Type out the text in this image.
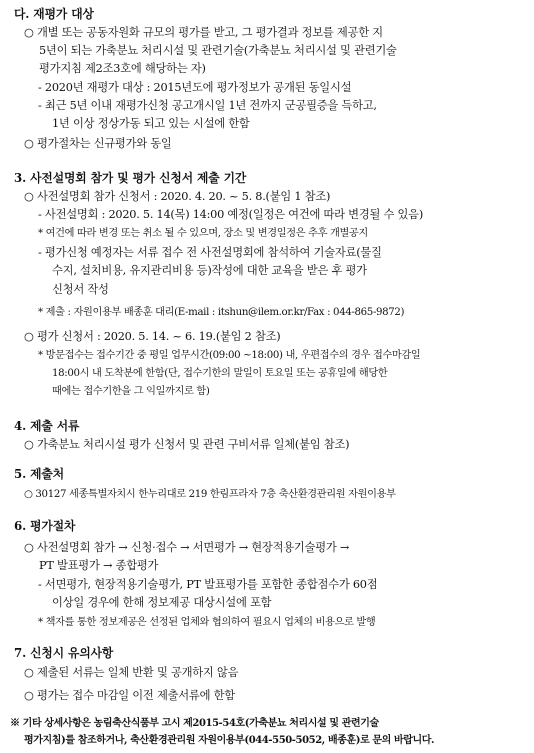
다. 재평가 대상
○ 개별 또는 공동자원화 규모의 평가를 받고, 그 평가결과 정보를 제공한 지
5년이 되는 가축분뇨 처리시설 및 관련기술(가축분뇨 처리시설 및 관련기술
평가지침 제2조3호에 해당하는 자)
- 2020년 재평가 대상 : 2015년도에 평가정보가 공개된 동일시설
- 최근 5년 이내 재평가신청 공고개시일 1년 전까지 군공필증을 득하고,
1년 이상 정상가동 되고 있는 시설에 한함
○ 평가절차는 신규평가와 동일
3. 사전설명회 참가 및 평가 신청서 제출 기간
○ 사전설명회 참가 신청서 : 2020. 4. 20. ~ 5. 8.(붙임 1 참조)
- 사전설명회 : 2020. 5. 14(목) 14:00 예정(일정은 여건에 따라 변경될 수 있음)
* 여건에 따라 변경 또는 취소 될 수 있으며, 장소 및 변경일정은 추후 개별공지
- 평가신청 예정자는 서류 접수 전 사전설명회에 참석하여 기술자료(물질
수지, 설치비용, 유지관리비용 등)작성에 대한 교육을 받은 후 평가
신청서 작성
* 제출 : 자원이용부 배종훈 대리(E-mail : itshun@ilem.or.kr/Fax : 044-865-9872)
○ 평가 신청서 : 2020. 5. 14. ~ 6. 19.(붙임 2 참조)
* 방문접수는 접수기간 중 평일 업무시간(09:00 ~18:00) 내, 우편접수의 경우 접수마감일
18:00시 내 도착분에 한함(단, 접수기한의 말일이 토요일 또는 공휴일에 해당한
때에는 접수기한을 그 익일까지로 함)
4. 제출 서류
○ 가축분뇨 처리시설 평가 신청서 및 관련 구비서류 일체(붙임 참조)
5. 제출처
○ 30127 세종특별자치시 한누리대로 219 한림프라자 7층 축산환경관리원 자원이용부
6. 평가절차
○ 사전설명회 참가 → 신청·접수 → 서면평가 → 현장적용기술평가 →
PT 발표평가 → 종합평가
- 서면평가, 현장적용기술평가, PT 발표평가를 포함한 종합점수가 60점
이상일 경우에 한해 정보제공 대상시설에 포함
* 책자를 통한 정보제공은 선정된 업체와 협의하여 필요시 업체의 비용으로 발행
7. 신청시 유의사항
○ 제출된 서류는 일체 반환 및 공개하지 않음
○ 평가는 접수 마감일 이전 제출서류에 한함
※ 기타 상세사항은 농림축산식품부 고시 제2015-54호(가축분뇨 처리시설 및 관련기술
평가지침)를 참조하거나, 축산환경관리원 자원이용부(044-550-5052, 배종훈)로 문의 바랍니다.
